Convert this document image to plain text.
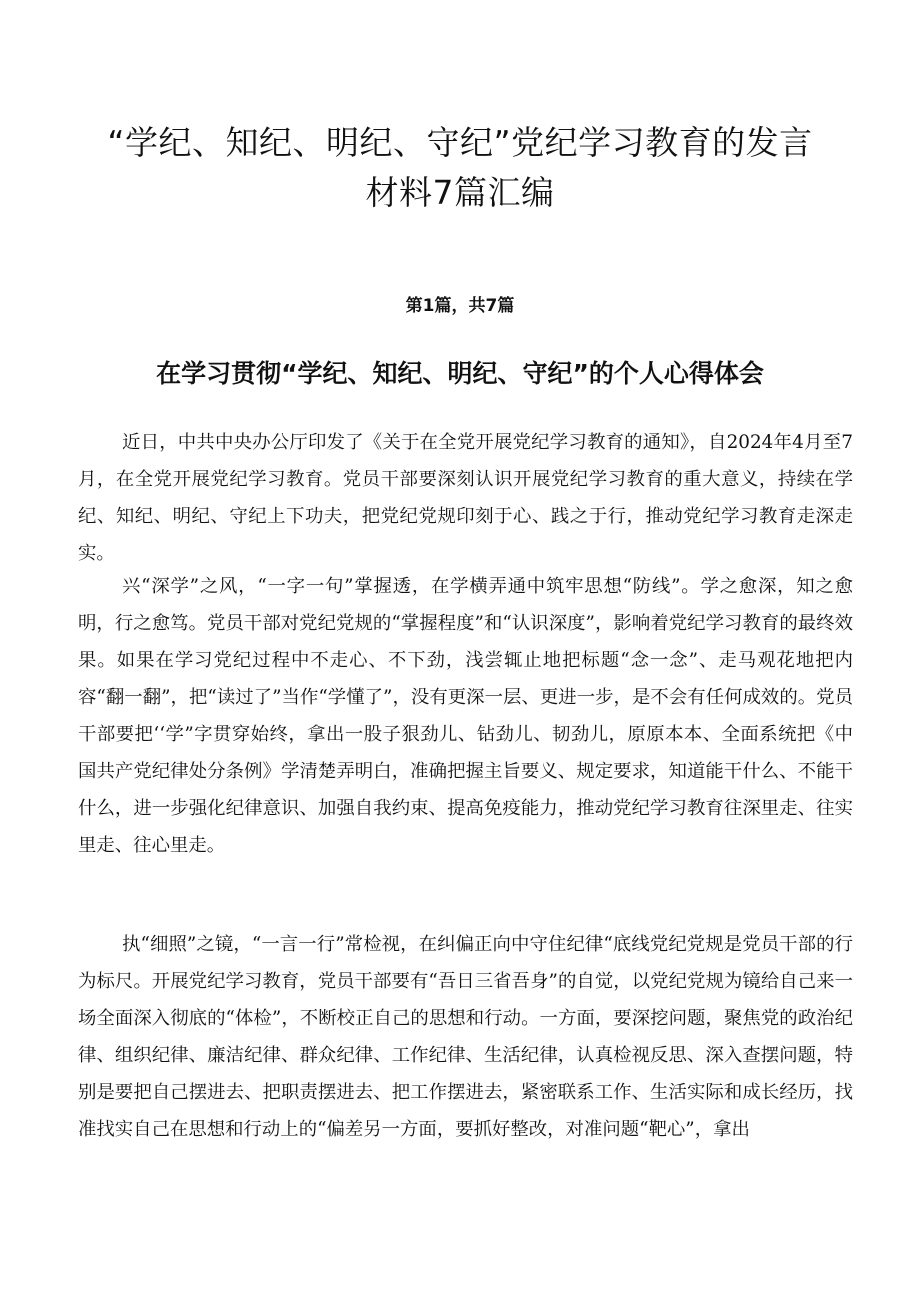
“学纪、知纪、明纪、守纪”党纪学习教育的发言
材料7篇汇编
第1篇，共7篇
在学习贯彻“学纪、知纪、明纪、守纪”的个人心得体会

近日，中共中央办公厅印发了《关于在全党开展党纪学习教育的通知》，自2024年4月至7月，在全党开展党纪学习教育。党员干部要深刻认识开展党纪学习教育的重大意义，持续在学纪、知纪、明纪、守纪上下功夫，把党纪党规印刻于心、践之于行，推动党纪学习教育走深走实。

兴“深学”之风，“一字一句”掌握透，在学横弄通中筑牢思想“防线”。学之愈深，知之愈明，行之愈笃。党员干部对党纪党规的“掌握程度”和“认识深度”，影响着党纪学习教育的最终效果。如果在学习党纪过程中不走心、不下劲，浅尝辄止地把标题“念一念”、走马观花地把内容“翻一翻”，把“读过了”当作“学懂了”，没有更深一层、更进一步，是不会有任何成效的。党员干部要把‘‘学”字贯穿始终，拿出一股子狠劲儿、钻劲儿、韧劲儿，原原本本、全面系统把《中国共产党纪律处分条例》学清楚弄明白，准确把握主旨要义、规定要求，知道能干什么、不能干什么，进一步强化纪律意识、加强自我约束、提高免疫能力，推动党纪学习教育往深里走、往实里走、往心里走。

执“细照”之镜，“一言一行”常检视，在纠偏正向中守住纪律“底线党纪党规是党员干部的行为标尺。开展党纪学习教育，党员干部要有“吾日三省吾身”的自觉，以党纪党规为镜给自己来一场全面深入彻底的“体检”，不断校正自己的思想和行动。一方面，要深挖问题，聚焦党的政治纪律、组织纪律、廉洁纪律、群众纪律、工作纪律、生活纪律，认真检视反思、深入查摆问题，特别是要把自己摆进去、把职责摆进去、把工作摆进去，紧密联系工作、生活实际和成长经历，找准找实自己在思想和行动上的“偏差另一方面，要抓好整改，对准问题“靶心”，拿出
